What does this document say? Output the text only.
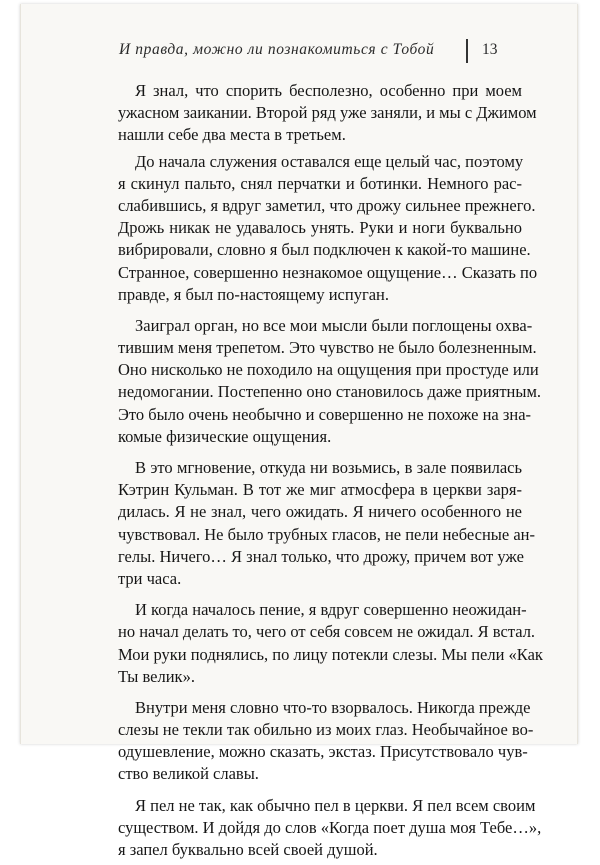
И правда, можно ли познакомиться с Тобой	13

Я знал, что спорить бесполезно, особенно при моем
ужасном заикании. Второй ряд уже заняли, и мы с Джимом
нашли себе два места в третьем.

До начала служения оставался еще целый час, поэтому
я скинул пальто, снял перчатки и ботинки. Немного рас-
слабившись, я вдруг заметил, что дрожу сильнее прежнего.
Дрожь никак не удавалось унять. Руки и ноги буквально
вибрировали, словно я был подключен к какой-то машине.
Странное, совершенно незнакомое ощущение… Сказать по
правде, я был по-настоящему испуган.

Заиграл орган, но все мои мысли были поглощены охва-
тившим меня трепетом. Это чувство не было болезненным.
Оно нисколько не походило на ощущения при простуде или
недомогании. Постепенно оно становилось даже приятным.
Это было очень необычно и совершенно не похоже на зна-
комые физические ощущения.

В это мгновение, откуда ни возьмись, в зале появилась
Кэтрин Кульман. В тот же миг атмосфера в церкви заря-
дилась. Я не знал, чего ожидать. Я ничего особенного не
чувствовал. Не было трубных гласов, не пели небесные ан-
гелы. Ничего… Я знал только, что дрожу, причем вот уже
три часа.

И когда началось пение, я вдруг совершенно неожидан-
но начал делать то, чего от себя совсем не ожидал. Я встал.
Мои руки поднялись, по лицу потекли слезы. Мы пели «Как
Ты велик».

Внутри меня словно что-то взорвалось. Никогда прежде
слезы не текли так обильно из моих глаз. Необычайное во-
одушевление, можно сказать, экстаз. Присутствовало чув-
ство великой славы.

Я пел не так, как обычно пел в церкви. Я пел всем своим
существом. И дойдя до слов «Когда поет душа моя Тебе…»,
я запел буквально всей своей душой.
